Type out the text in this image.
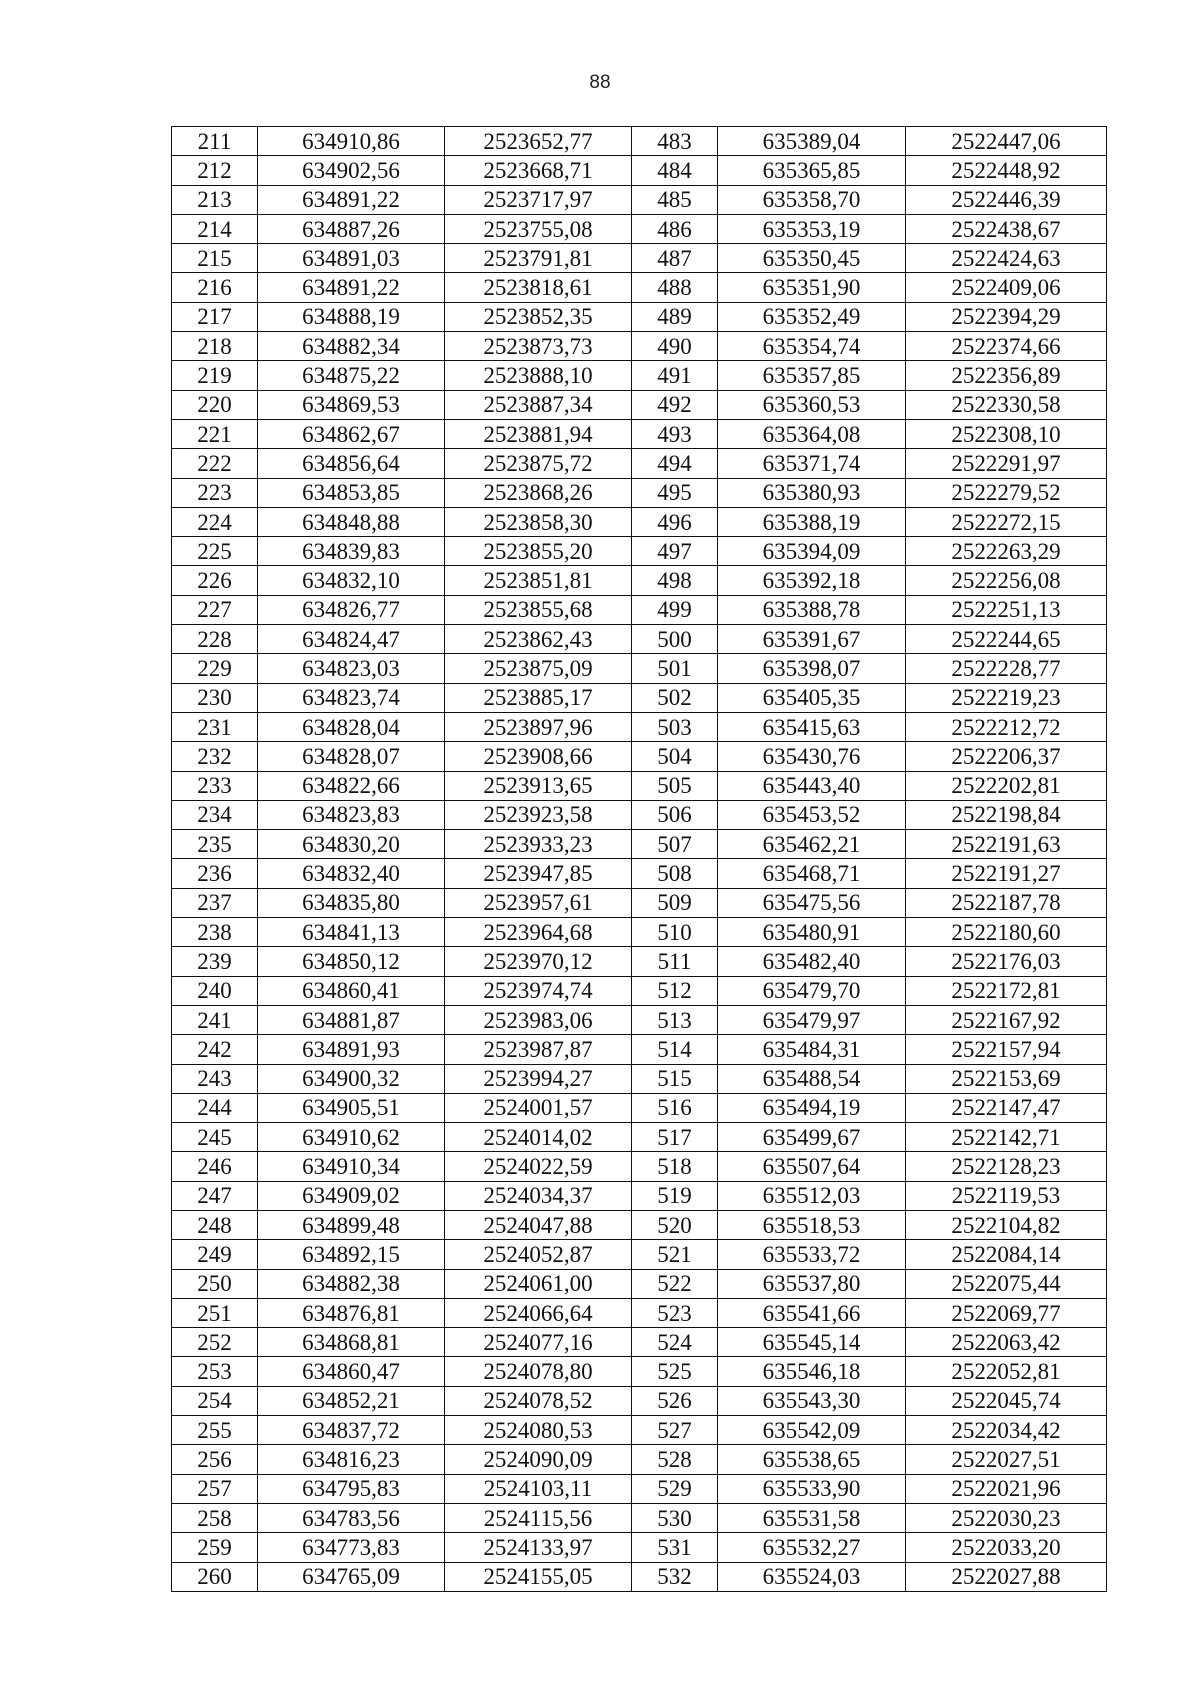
88
211	634910,86	2523652,77	483	635389,04	2522447,06
212	634902,56	2523668,71	484	635365,85	2522448,92
213	634891,22	2523717,97	485	635358,70	2522446,39
214	634887,26	2523755,08	486	635353,19	2522438,67
215	634891,03	2523791,81	487	635350,45	2522424,63
216	634891,22	2523818,61	488	635351,90	2522409,06
217	634888,19	2523852,35	489	635352,49	2522394,29
218	634882,34	2523873,73	490	635354,74	2522374,66
219	634875,22	2523888,10	491	635357,85	2522356,89
220	634869,53	2523887,34	492	635360,53	2522330,58
221	634862,67	2523881,94	493	635364,08	2522308,10
222	634856,64	2523875,72	494	635371,74	2522291,97
223	634853,85	2523868,26	495	635380,93	2522279,52
224	634848,88	2523858,30	496	635388,19	2522272,15
225	634839,83	2523855,20	497	635394,09	2522263,29
226	634832,10	2523851,81	498	635392,18	2522256,08
227	634826,77	2523855,68	499	635388,78	2522251,13
228	634824,47	2523862,43	500	635391,67	2522244,65
229	634823,03	2523875,09	501	635398,07	2522228,77
230	634823,74	2523885,17	502	635405,35	2522219,23
231	634828,04	2523897,96	503	635415,63	2522212,72
232	634828,07	2523908,66	504	635430,76	2522206,37
233	634822,66	2523913,65	505	635443,40	2522202,81
234	634823,83	2523923,58	506	635453,52	2522198,84
235	634830,20	2523933,23	507	635462,21	2522191,63
236	634832,40	2523947,85	508	635468,71	2522191,27
237	634835,80	2523957,61	509	635475,56	2522187,78
238	634841,13	2523964,68	510	635480,91	2522180,60
239	634850,12	2523970,12	511	635482,40	2522176,03
240	634860,41	2523974,74	512	635479,70	2522172,81
241	634881,87	2523983,06	513	635479,97	2522167,92
242	634891,93	2523987,87	514	635484,31	2522157,94
243	634900,32	2523994,27	515	635488,54	2522153,69
244	634905,51	2524001,57	516	635494,19	2522147,47
245	634910,62	2524014,02	517	635499,67	2522142,71
246	634910,34	2524022,59	518	635507,64	2522128,23
247	634909,02	2524034,37	519	635512,03	2522119,53
248	634899,48	2524047,88	520	635518,53	2522104,82
249	634892,15	2524052,87	521	635533,72	2522084,14
250	634882,38	2524061,00	522	635537,80	2522075,44
251	634876,81	2524066,64	523	635541,66	2522069,77
252	634868,81	2524077,16	524	635545,14	2522063,42
253	634860,47	2524078,80	525	635546,18	2522052,81
254	634852,21	2524078,52	526	635543,30	2522045,74
255	634837,72	2524080,53	527	635542,09	2522034,42
256	634816,23	2524090,09	528	635538,65	2522027,51
257	634795,83	2524103,11	529	635533,90	2522021,96
258	634783,56	2524115,56	530	635531,58	2522030,23
259	634773,83	2524133,97	531	635532,27	2522033,20
260	634765,09	2524155,05	532	635524,03	2522027,88
